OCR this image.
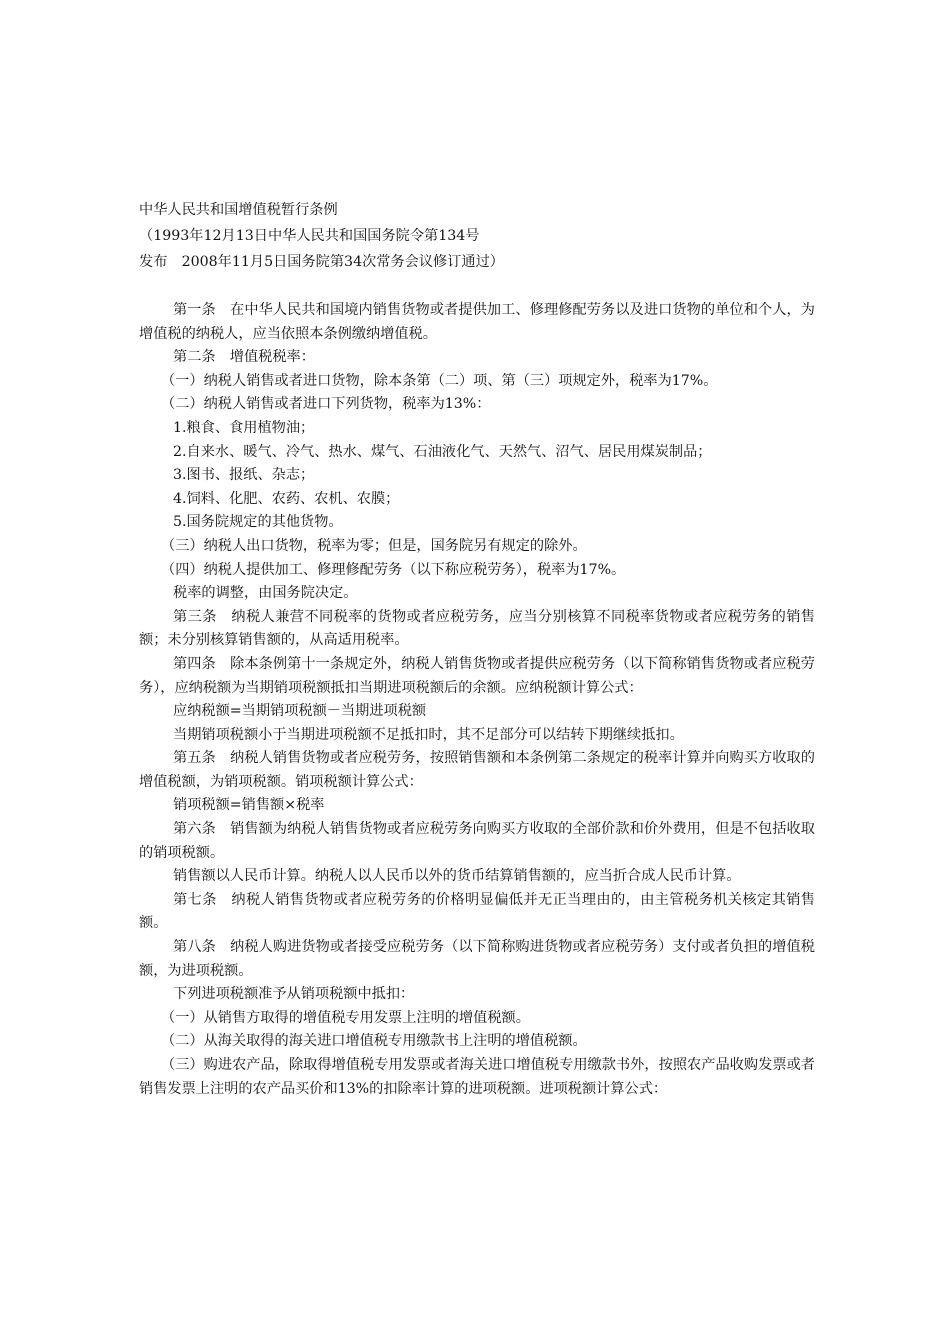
中华人民共和国增值税暂行条例

（1993年12月13日中华人民共和国国务院令第134号

发布　2008年11月5日国务院第34次常务会议修订通过）

第一条　在中华人民共和国境内销售货物或者提供加工、修理修配劳务以及进口货物的单位和个人，为增值税的纳税人，应当依照本条例缴纳增值税。

第二条　增值税税率：

（一）纳税人销售或者进口货物，除本条第（二）项、第（三）项规定外，税率为17%。

（二）纳税人销售或者进口下列货物，税率为13%：

1.粮食、食用植物油；

2.自来水、暖气、冷气、热水、煤气、石油液化气、天然气、沼气、居民用煤炭制品；

3.图书、报纸、杂志；

4.饲料、化肥、农药、农机、农膜；

5.国务院规定的其他货物。

（三）纳税人出口货物，税率为零；但是，国务院另有规定的除外。

（四）纳税人提供加工、修理修配劳务（以下称应税劳务），税率为17%。

税率的调整，由国务院决定。

第三条　纳税人兼营不同税率的货物或者应税劳务，应当分别核算不同税率货物或者应税劳务的销售额；未分别核算销售额的，从高适用税率。

第四条　除本条例第十一条规定外，纳税人销售货物或者提供应税劳务（以下简称销售货物或者应税劳务），应纳税额为当期销项税额抵扣当期进项税额后的余额。应纳税额计算公式：

应纳税额=当期销项税额－当期进项税额

当期销项税额小于当期进项税额不足抵扣时，其不足部分可以结转下期继续抵扣。

第五条　纳税人销售货物或者应税劳务，按照销售额和本条例第二条规定的税率计算并向购买方收取的增值税额，为销项税额。销项税额计算公式：

销项税额=销售额×税率

第六条　销售额为纳税人销售货物或者应税劳务向购买方收取的全部价款和价外费用，但是不包括收取的销项税额。

销售额以人民币计算。纳税人以人民币以外的货币结算销售额的，应当折合成人民币计算。

第七条　纳税人销售货物或者应税劳务的价格明显偏低并无正当理由的，由主管税务机关核定其销售额。

第八条　纳税人购进货物或者接受应税劳务（以下简称购进货物或者应税劳务）支付或者负担的增值税额，为进项税额。

下列进项税额准予从销项税额中抵扣：

（一）从销售方取得的增值税专用发票上注明的增值税额。

（二）从海关取得的海关进口增值税专用缴款书上注明的增值税额。

（三）购进农产品，除取得增值税专用发票或者海关进口增值税专用缴款书外，按照农产品收购发票或者销售发票上注明的农产品买价和13%的扣除率计算的进项税额。进项税额计算公式：
